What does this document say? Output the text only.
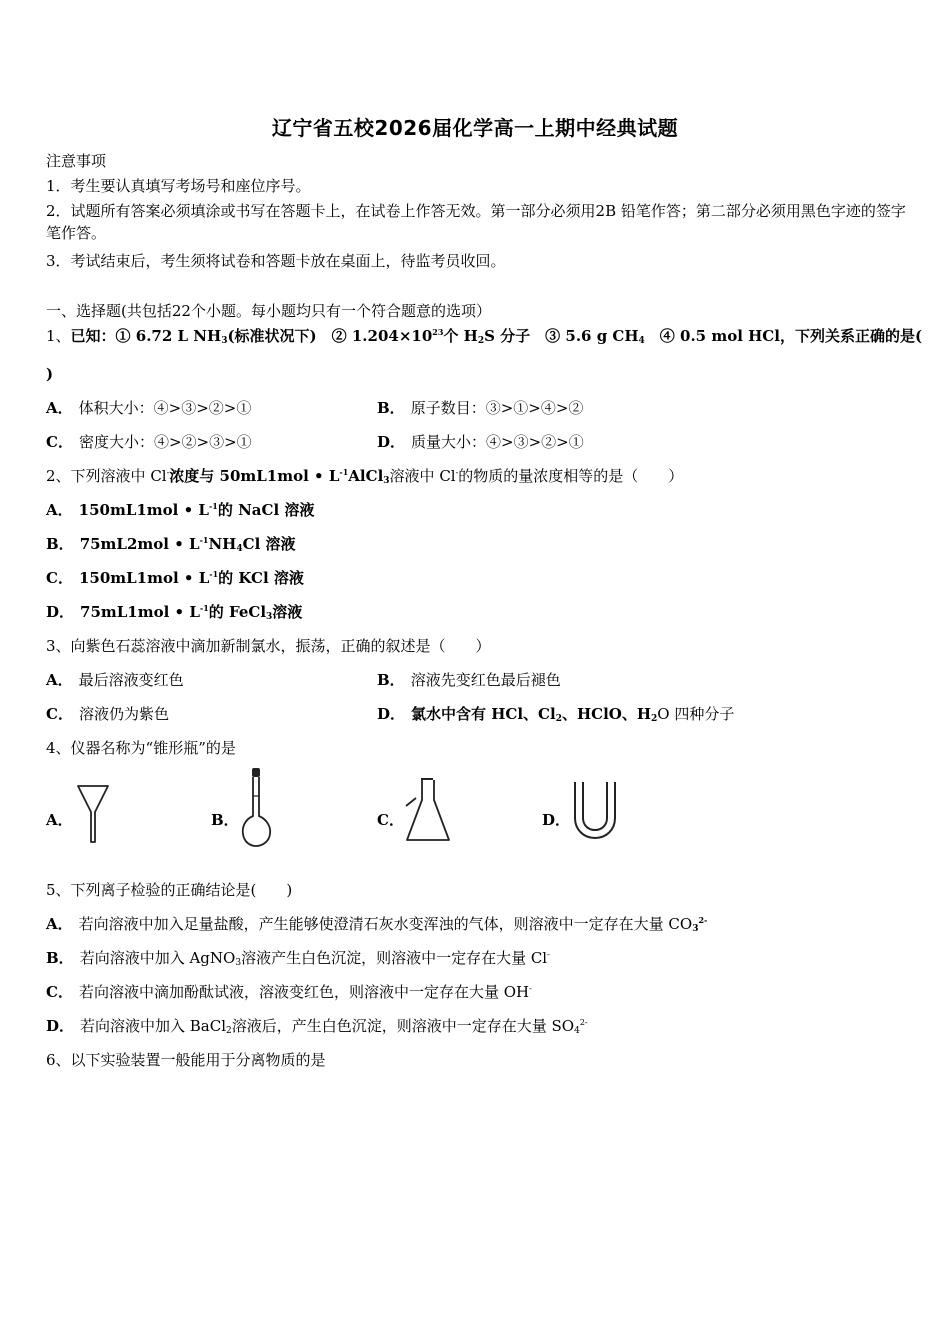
辽宁省五校2026届化学高一上期中经典试题
注意事项
1．考生要认真填写考场号和座位序号。
2．试题所有答案必须填涂或书写在答题卡上，在试卷上作答无效。第一部分必须用2B 铅笔作答；第二部分必须用黑色字迹的签字笔作答。
3．考试结束后，考生须将试卷和答题卡放在桌面上，待监考员收回。
一、选择题(共包括22个小题。每小题均只有一个符合题意的选项）
1、已知：① 6.72 L $NH_3$(标准状况下)　② $1.204\times 10^{23}$个 $H_2S$ 分子　③ 5.6 g $CH_4$　④ 0.5 mol HCl，下列关系正确的是(
)
A． 体积大小：④>③>②>①	B． 原子数目：③>①>④>②
C． 密度大小：④>②>③>①	D． 质量大小：④>③>②>①
2、下列溶液中 Cl-浓度与 50mL1mol • $L^{-1}AlCl_3$溶液中 Cl-的物质的量浓度相等的是（　　）
A． 150mL1mol • $L^{-1}$的 NaCl 溶液
B． 75mL2mol • $L^{-1}NH_4Cl$ 溶液
C． 150mL1mol • $L^{-1}$的 KCl 溶液
D． 75mL1mol • $L^{-1}$的 FeCl$_3$溶液
3、向紫色石蕊溶液中滴加新制氯水，振荡，正确的叙述是（　　）
A． 最后溶液变红色	B． 溶液先变红色最后褪色
C． 溶液仍为紫色	D． 氯水中含有 HCl、$Cl_2$、HClO、$H_2O$ 四种分子
4、仪器名称为“锥形瓶”的是
A．	B．	C．	D．
5、下列离子检验的正确结论是(　　)
A． 若向溶液中加入足量盐酸，产生能够使澄清石灰水变浑浊的气体，则溶液中一定存在大量 $CO_3^{2-}$
B． 若向溶液中加入 AgNO$_3$溶液产生白色沉淀，则溶液中一定存在大量 Cl-
C． 若向溶液中滴加酚酞试液，溶液变红色，则溶液中一定存在大量 OH-
D． 若向溶液中加入 BaCl$_2$溶液后，产生白色沉淀，则溶液中一定存在大量 $SO_4^{2-}$
6、以下实验装置一般能用于分离物质的是
